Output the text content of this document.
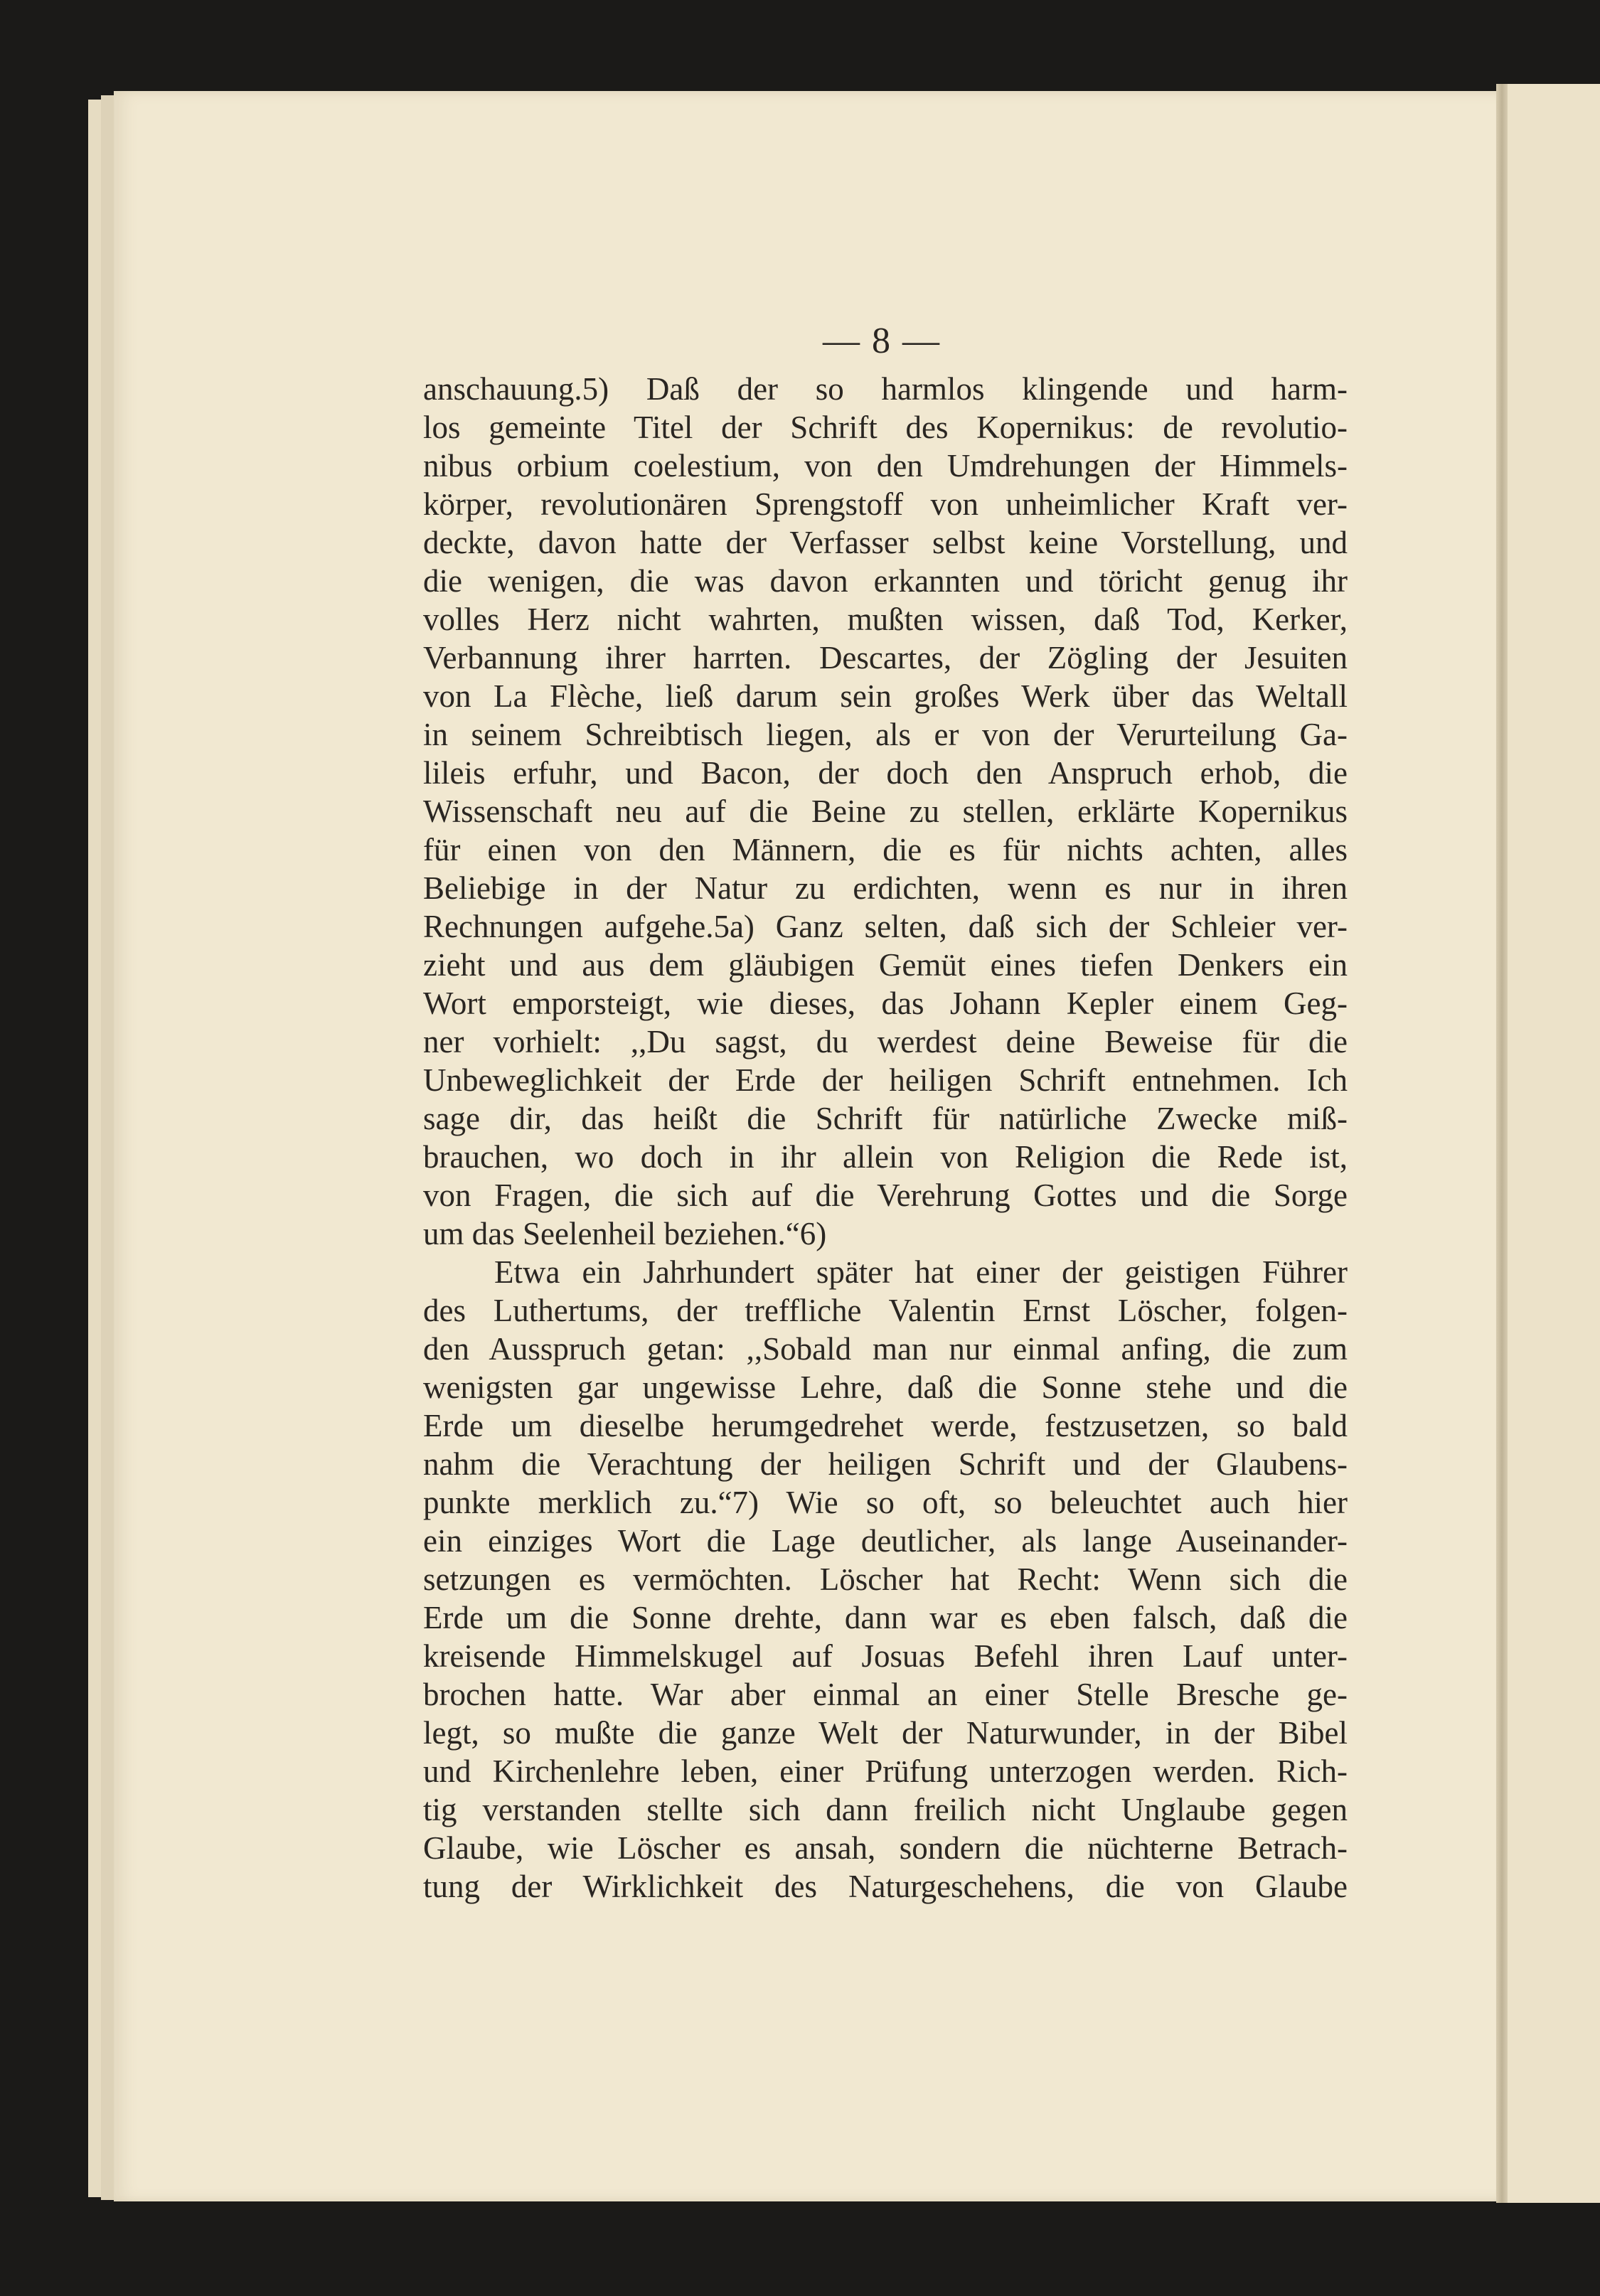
— 8 —
anschauung.5) Daß der so harmlos klingende und harm-
los gemeinte Titel der Schrift des Kopernikus: de revolutio-
nibus orbium coelestium, von den Umdrehungen der Himmels-
körper, revolutionären Sprengstoff von unheimlicher Kraft ver-
deckte, davon hatte der Verfasser selbst keine Vorstellung, und
die wenigen, die was davon erkannten und töricht genug ihr
volles Herz nicht wahrten, mußten wissen, daß Tod, Kerker,
Verbannung ihrer harrten. Descartes, der Zögling der Jesuiten
von La Flèche, ließ darum sein großes Werk über das Weltall
in seinem Schreibtisch liegen, als er von der Verurteilung Ga-
lileis erfuhr, und Bacon, der doch den Anspruch erhob, die
Wissenschaft neu auf die Beine zu stellen, erklärte Kopernikus
für einen von den Männern, die es für nichts achten, alles
Beliebige in der Natur zu erdichten, wenn es nur in ihren
Rechnungen aufgehe.5a) Ganz selten, daß sich der Schleier ver-
zieht und aus dem gläubigen Gemüt eines tiefen Denkers ein
Wort emporsteigt, wie dieses, das Johann Kepler einem Geg-
ner vorhielt: ,,Du sagst, du werdest deine Beweise für die
Unbeweglichkeit der Erde der heiligen Schrift entnehmen. Ich
sage dir, das heißt die Schrift für natürliche Zwecke miß-
brauchen, wo doch in ihr allein von Religion die Rede ist,
von Fragen, die sich auf die Verehrung Gottes und die Sorge
um das Seelenheil beziehen.“6)
Etwa ein Jahrhundert später hat einer der geistigen Führer
des Luthertums, der treffliche Valentin Ernst Löscher, folgen-
den Ausspruch getan: ,,Sobald man nur einmal anfing, die zum
wenigsten gar ungewisse Lehre, daß die Sonne stehe und die
Erde um dieselbe herumgedrehet werde, festzusetzen, so bald
nahm die Verachtung der heiligen Schrift und der Glaubens-
punkte merklich zu.“7) Wie so oft, so beleuchtet auch hier
ein einziges Wort die Lage deutlicher, als lange Auseinander-
setzungen es vermöchten. Löscher hat Recht: Wenn sich die
Erde um die Sonne drehte, dann war es eben falsch, daß die
kreisende Himmelskugel auf Josuas Befehl ihren Lauf unter-
brochen hatte. War aber einmal an einer Stelle Bresche ge-
legt, so mußte die ganze Welt der Naturwunder, in der Bibel
und Kirchenlehre leben, einer Prüfung unterzogen werden. Rich-
tig verstanden stellte sich dann freilich nicht Unglaube gegen
Glaube, wie Löscher es ansah, sondern die nüchterne Betrach-
tung der Wirklichkeit des Naturgeschehens, die von Glaube
